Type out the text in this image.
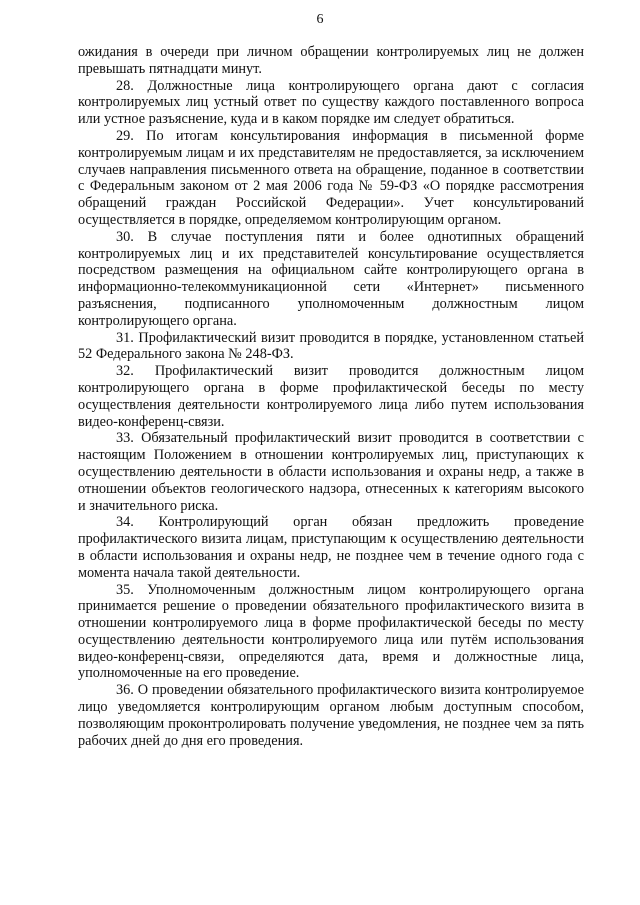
6

ожидания в очереди при личном обращении контролируемых лиц не должен превышать пятнадцати минут.

28. Должностные лица контролирующего органа дают с согласия контролируемых лиц устный ответ по существу каждого поставленного вопроса или устное разъяснение, куда и в каком порядке им следует обратиться.

29. По итогам консультирования информация в письменной форме контролируемым лицам и их представителям не предоставляется, за исключением случаев направления письменного ответа на обращение, поданное в соответствии с Федеральным законом от 2 мая 2006 года № 59-ФЗ «О порядке рассмотрения обращений граждан Российской Федерации». Учет консультирований осуществляется в порядке, определяемом контролирующим органом.

30. В случае поступления пяти и более однотипных обращений контролируемых лиц и их представителей консультирование осуществляется посредством размещения на официальном сайте контролирующего органа в информационно-телекоммуникационной сети «Интернет» письменного разъяснения, подписанного уполномоченным должностным лицом контролирующего органа.

31. Профилактический визит проводится в порядке, установленном статьей 52 Федерального закона № 248-ФЗ.

32. Профилактический визит проводится должностным лицом контролирующего органа в форме профилактической беседы по месту осуществления деятельности контролируемого лица либо путем использования видео-конференц-связи.

33. Обязательный профилактический визит проводится в соответствии с настоящим Положением в отношении контролируемых лиц, приступающих к осуществлению деятельности в области использования и охраны недр, а также в отношении объектов геологического надзора, отнесенных к категориям высокого и значительного риска.

34. Контролирующий орган обязан предложить проведение профилактического визита лицам, приступающим к осуществлению деятельности в области использования и охраны недр, не позднее чем в течение одного года с момента начала такой деятельности.

35. Уполномоченным должностным лицом контролирующего органа принимается решение о проведении обязательного профилактического визита в отношении контролируемого лица в форме профилактической беседы по месту осуществлению деятельности контролируемого лица или путём использования видео-конференц-связи, определяются дата, время и должностные лица, уполномоченные на его проведение.

36. О проведении обязательного профилактического визита контролируемое лицо уведомляется контролирующим органом любым доступным способом, позволяющим проконтролировать получение уведомления, не позднее чем за пять рабочих дней до дня его проведения.
